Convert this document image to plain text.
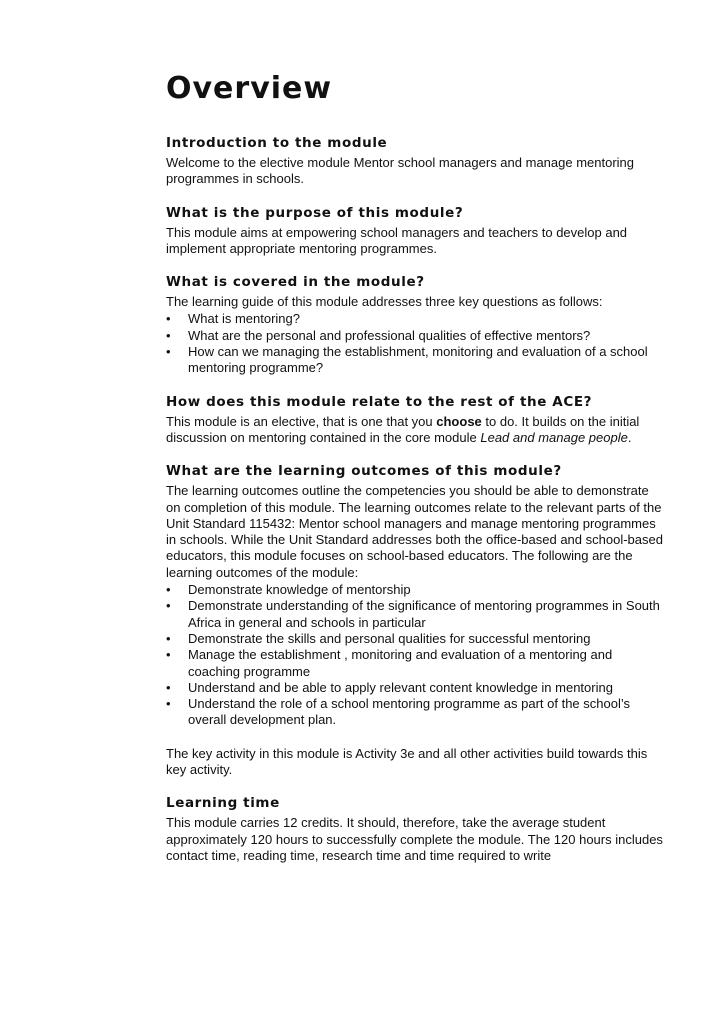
Overview
Introduction to the module

Welcome to the elective module Mentor school managers and manage mentoring programmes in schools.

What is the purpose of this module?

This module aims at empowering school managers and teachers to develop and implement appropriate mentoring programmes.

What is covered in the module?

The learning guide of this module addresses three key questions as follows:

• What is mentoring?
• What are the personal and professional qualities of effective mentors?
• How can we managing the establishment, monitoring and evaluation of a school mentoring programme?
How does this module relate to the rest of the ACE?

This module is an elective, that is one that you choose to do. It builds on the initial discussion on mentoring contained in the core module Lead and manage people.

What are the learning outcomes of this module?

The learning outcomes outline the competencies you should be able to demonstrate on completion of this module. The learning outcomes relate to the relevant parts of the Unit Standard 115432: Mentor school managers and manage mentoring programmes in schools. While the Unit Standard addresses both the office-based and school-based educators, this module focuses on school-based educators. The following are the learning outcomes of the module:

• Demonstrate knowledge of mentorship
• Demonstrate understanding of the significance of mentoring programmes in South Africa in general and schools in particular
• Demonstrate the skills and personal qualities for successful mentoring
• Manage the establishment , monitoring and evaluation of a mentoring and coaching programme
• Understand and be able to apply relevant content knowledge in mentoring
• Understand the role of a school mentoring programme as part of the school’s overall development plan.

The key activity in this module is Activity 3e and all other activities build towards this key activity.

Learning time

This module carries 12 credits. It should, therefore, take the average student approximately 120 hours to successfully complete the module. The 120 hours includes contact time, reading time, research time and time required to write
